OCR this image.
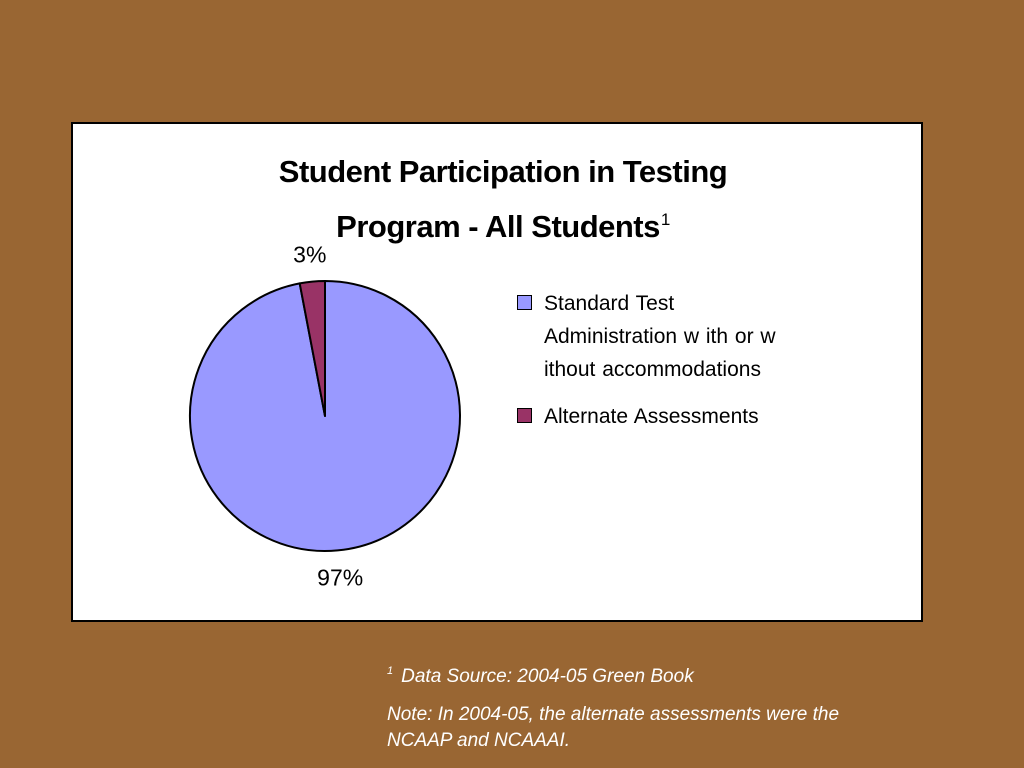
Student Participation in Testing
Program - All Students$^1$
97%
3%
Standard Test Administration w ith or w ithout accommodations
Alternate Assessments
$^1$ Data Source: 2004-05 Green Book
Note: In 2004-05, the alternate assessments were the NCAAP and NCAAAI.
